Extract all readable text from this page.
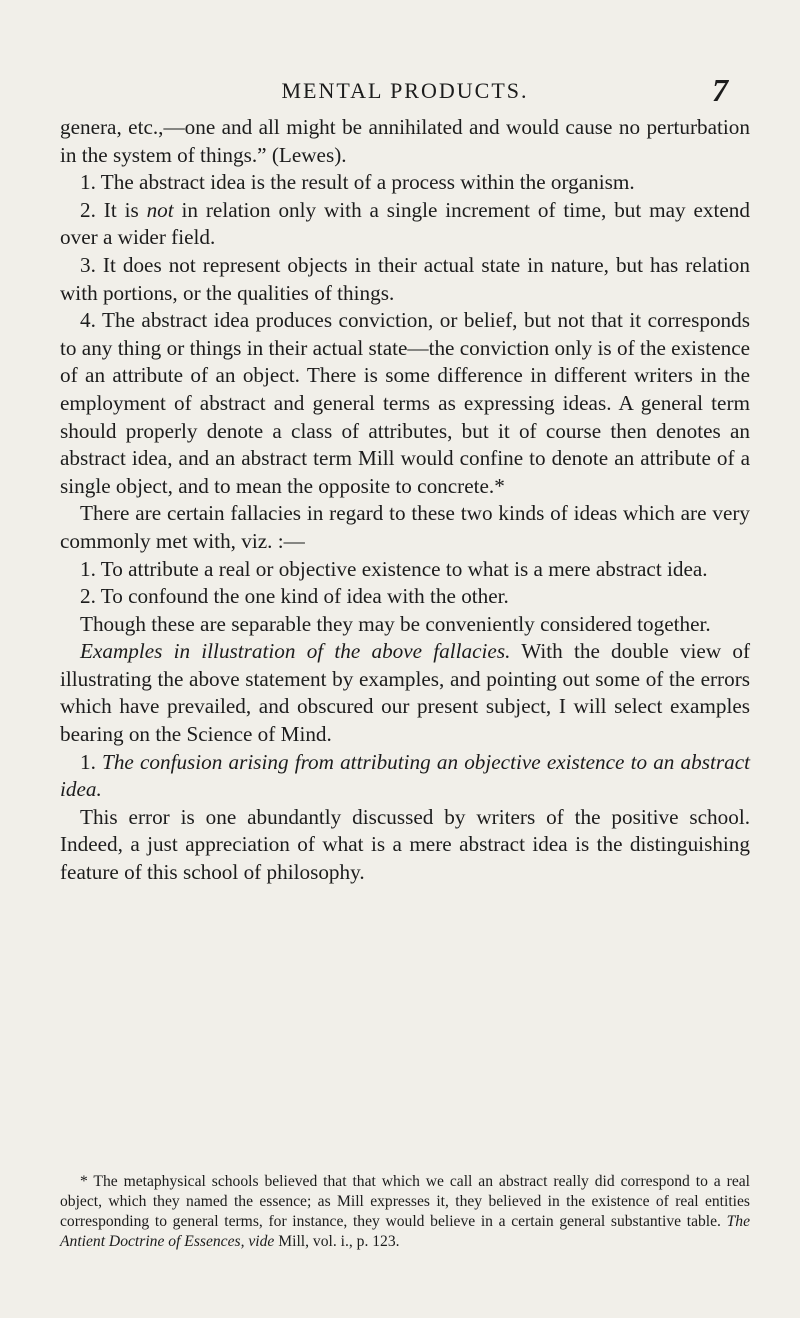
MENTAL PRODUCTS.	7

genera, etc.,—one and all might be annihilated and would cause no perturbation in the system of things.” (Lewes).

1. The abstract idea is the result of a process within the organism.

2. It is not in relation only with a single increment of time, but may extend over a wider field.

3. It does not represent objects in their actual state in nature, but has relation with portions, or the qualities of things.

4. The abstract idea produces conviction, or belief, but not that it corresponds to any thing or things in their actual state—the conviction only is of the existence of an attribute of an object. There is some difference in different writers in the employment of abstract and general terms as expressing ideas. A general term should properly denote a class of attributes, but it of course then denotes an abstract idea, and an abstract term Mill would confine to denote an attribute of a single object, and to mean the opposite to concrete.*

There are certain fallacies in regard to these two kinds of ideas which are very commonly met with, viz. :—

1. To attribute a real or objective existence to what is a mere abstract idea.

2. To confound the one kind of idea with the other.

Though these are separable they may be conveniently considered together.

Examples in illustration of the above fallacies. With the double view of illustrating the above statement by examples, and pointing out some of the errors which have prevailed, and obscured our present subject, I will select examples bearing on the Science of Mind.

1. The confusion arising from attributing an objective existence to an abstract idea.

This error is one abundantly discussed by writers of the positive school. Indeed, a just appreciation of what is a mere abstract idea is the distinguishing feature of this school of philosophy.

* The metaphysical schools believed that that which we call an abstract really did correspond to a real object, which they named the essence; as Mill expresses it, they believed in the existence of real entities corresponding to general terms, for instance, they would believe in a certain general substantive table. The Antient Doctrine of Essences, vide Mill, vol. i., p. 123.
